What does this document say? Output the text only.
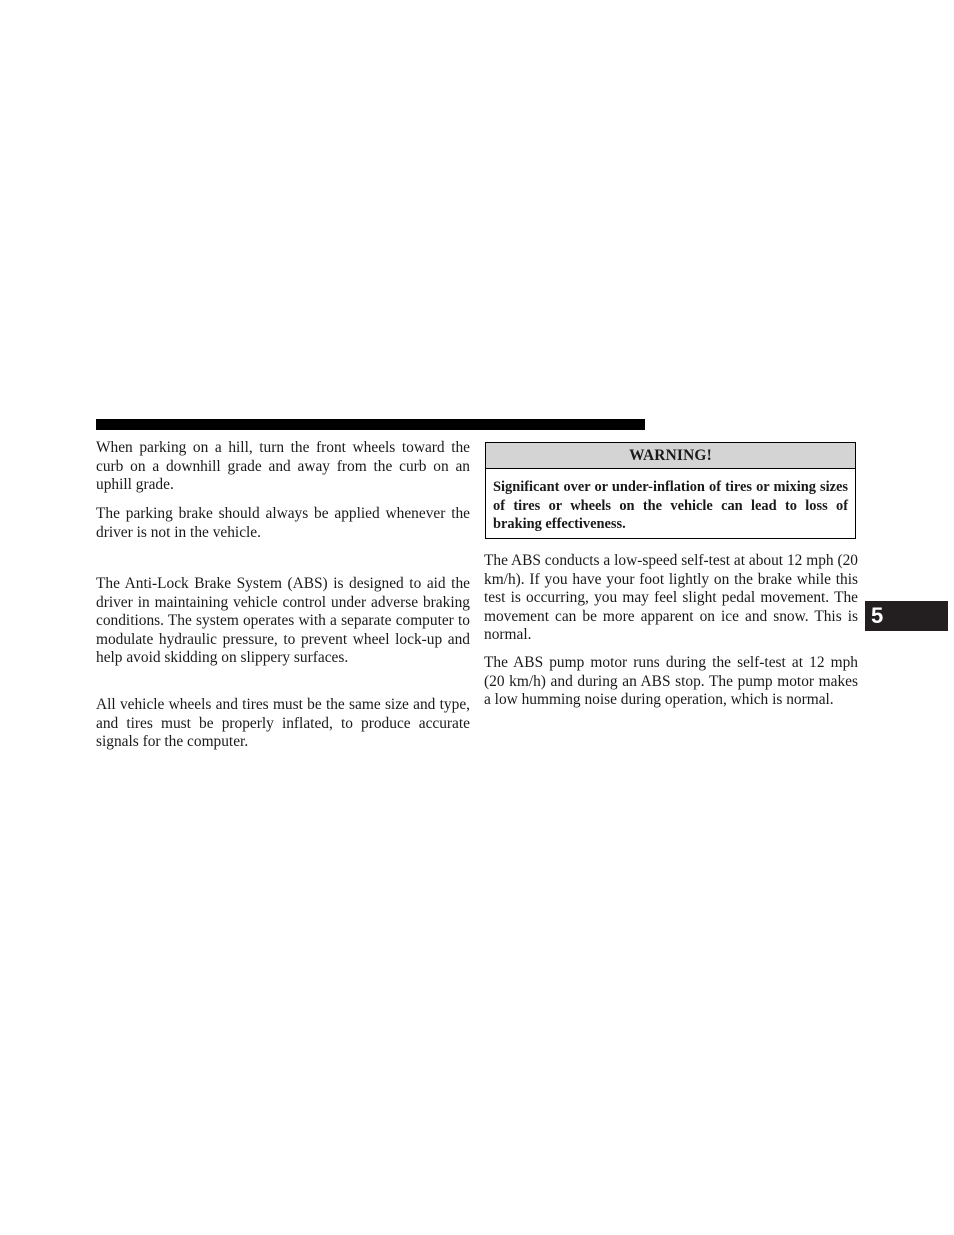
When parking on a hill, turn the front wheels toward the curb on a downhill grade and away from the curb on an uphill grade.

The parking brake should always be applied whenever the driver is not in the vehicle.

The Anti-Lock Brake System (ABS) is designed to aid the driver in maintaining vehicle control under adverse braking conditions. The system operates with a separate computer to modulate hydraulic pressure, to prevent wheel lock-up and help avoid skidding on slippery surfaces.

All vehicle wheels and tires must be the same size and type, and tires must be properly inflated, to produce accurate signals for the computer.

WARNING!
Significant over or under-inflation of tires or mixing sizes of tires or wheels on the vehicle can lead to loss of braking effectiveness.

The ABS conducts a low-speed self-test at about 12 mph (20 km/h). If you have your foot lightly on the brake while this test is occurring, you may feel slight pedal movement. The movement can be more apparent on ice and snow. This is normal.

The ABS pump motor runs during the self-test at 12 mph (20 km/h) and during an ABS stop. The pump motor makes a low humming noise during operation, which is normal.

5
